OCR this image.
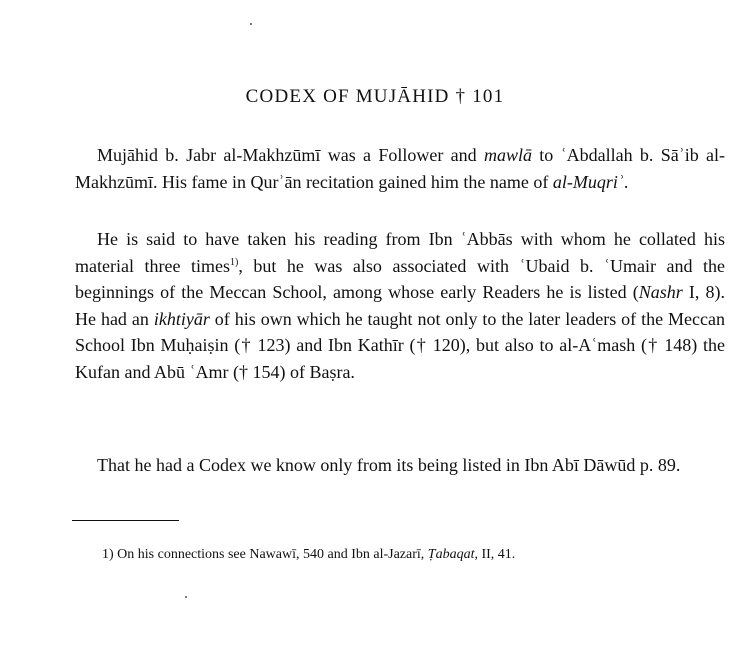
CODEX OF MUJĀHID † 101

Mujāhid b. Jabr al-Makhzūmī was a Follower and mawlā to ʿAbdallah b. Sāʾib al-Makhzūmī. His fame in Qurʾān recitation gained him the name of al-Muqriʾ.

He is said to have taken his reading from Ibn ʿAbbās with whom he collated his material three times$^{1)}$, but he was also associated with ʿUbaid b. ʿUmair and the beginnings of the Meccan School, among whose early Readers he is listed (Nashr I, 8). He had an ikhtiyār of his own which he taught not only to the later leaders of the Meccan School Ibn Muḥaiṣin († 123) and Ibn Kathīr († 120), but also to al-Aʿmash († 148) the Kufan and Abū ʿAmr († 154) of Baṣra.

That he had a Codex we know only from its being listed in Ibn Abī Dāwūd p. 89.

1) On his connections see Nawawī, 540 and Ibn al-Jazarī, Ṭabaqat, II, 41.
